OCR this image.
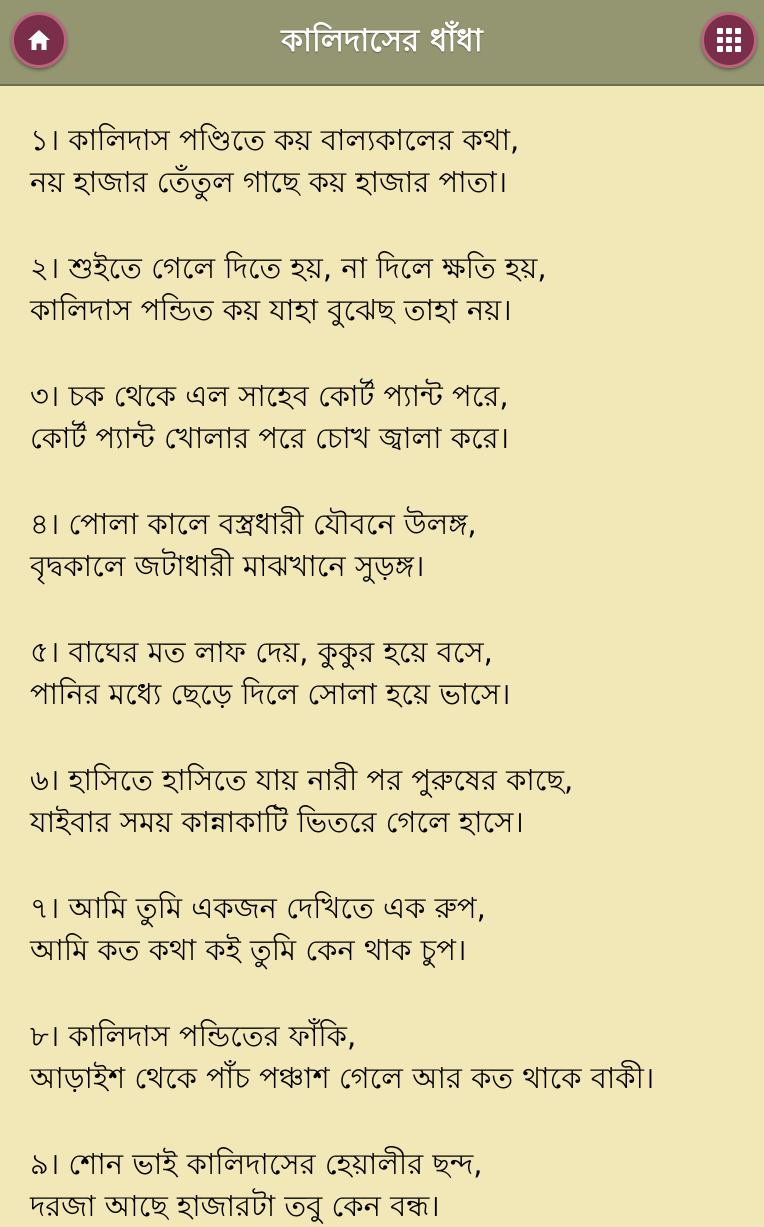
কালিদাসের ধাঁধা
১। কালিদাস পণ্ডিতে কয় বাল্যকালের কথা,
নয় হাজার তেঁতুল গাছে কয় হাজার পাতা।
২। শুইতে গেলে দিতে হয়, না দিলে ক্ষতি হয়,
কালিদাস পন্ডিত কয় যাহা বুঝেছ তাহা নয়।
৩। চক থেকে এল সাহেব কোর্ট প্যান্ট পরে,
কোর্ট প্যান্ট খোলার পরে চোখ জ্বালা করে।
৪। পোলা কালে বস্ত্রধারী যৌবনে উলঙ্গ,
বৃদ্বকালে জটাধারী মাঝখানে সুড়ঙ্গ।
৫। বাঘের মত লাফ দেয়, কুকুর হয়ে বসে,
পানির মধ্যে ছেড়ে দিলে সোলা হয়ে ভাসে।
৬। হাসিতে হাসিতে যায় নারী পর পুরুষের কাছে,
যাইবার সময় কান্নাকাটি ভিতরে গেলে হাসে।
৭। আমি তুমি একজন দেখিতে এক রুপ,
আমি কত কথা কই তুমি কেন থাক চুপ।
৮। কালিদাস পন্ডিতের ফাঁকি,
আড়াইশ থেকে পাঁচ পঞ্চাশ গেলে আর কত থাকে বাকী।
৯। শোন ভাই কালিদাসের হেয়ালীর ছন্দ,
দরজা আছে হাজারটা তবু কেন বন্ধ।
